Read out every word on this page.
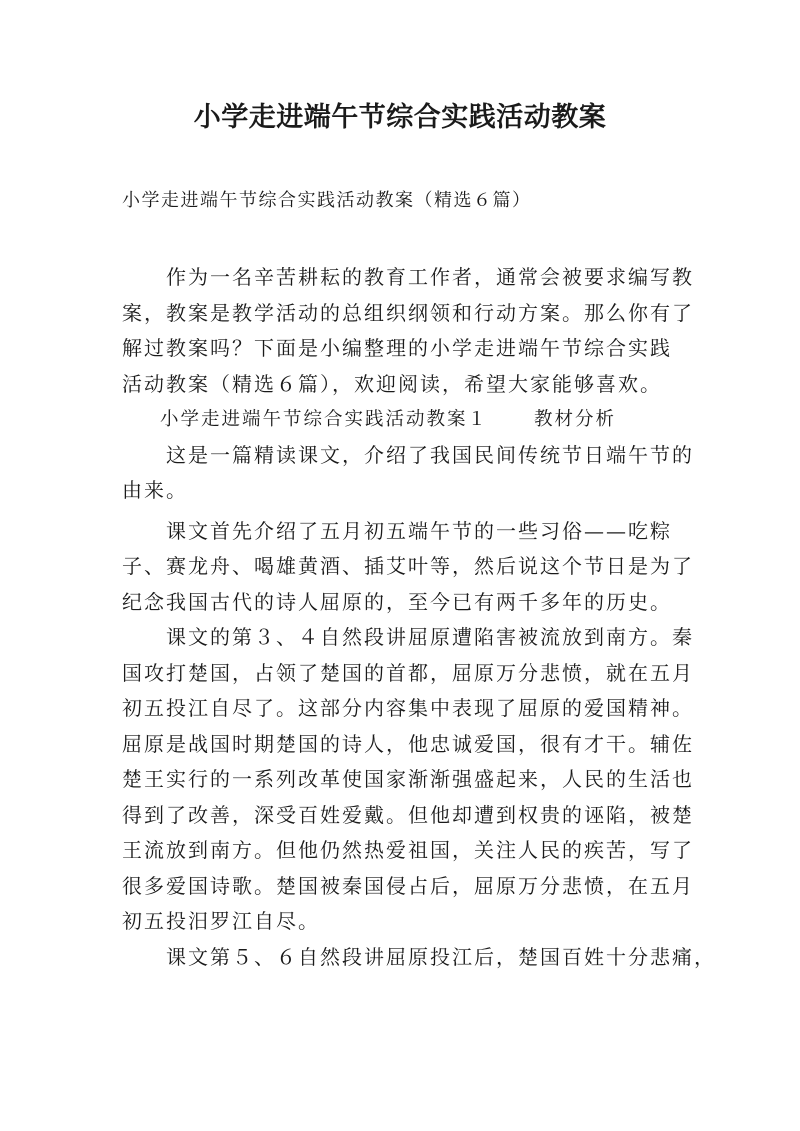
小学走进端午节综合实践活动教案
小学走进端午节综合实践活动教案（精选６篇）
　　作为一名辛苦耕耘的教育工作者，通常会被要求编写教
案，教案是教学活动的总组织纲领和行动方案。那么你有了
解过教案吗？下面是小编整理的小学走进端午节综合实践
活动教案（精选６篇），欢迎阅读，希望大家能够喜欢。
小学走进端午节综合实践活动教案１ 教材分析
　　这是一篇精读课文，介绍了我国民间传统节日端午节的
由来。
　　课文首先介绍了五月初五端午节的一些习俗——吃粽
子、赛龙舟、喝雄黄酒、插艾叶等，然后说这个节日是为了
纪念我国古代的诗人屈原的，至今已有两千多年的历史。
　　课文的第３、４自然段讲屈原遭陷害被流放到南方。秦
国攻打楚国，占领了楚国的首都，屈原万分悲愤，就在五月
初五投江自尽了。这部分内容集中表现了屈原的爱国精神。
屈原是战国时期楚国的诗人，他忠诚爱国，很有才干。辅佐
楚王实行的一系列改革使国家渐渐强盛起来，人民的生活也
得到了改善，深受百姓爱戴。但他却遭到权贵的诬陷，被楚
王流放到南方。但他仍然热爱祖国，关注人民的疾苦，写了
很多爱国诗歌。楚国被秦国侵占后，屈原万分悲愤，在五月
初五投汨罗江自尽。
　　课文第５、６自然段讲屈原投江后，楚国百姓十分悲痛，
